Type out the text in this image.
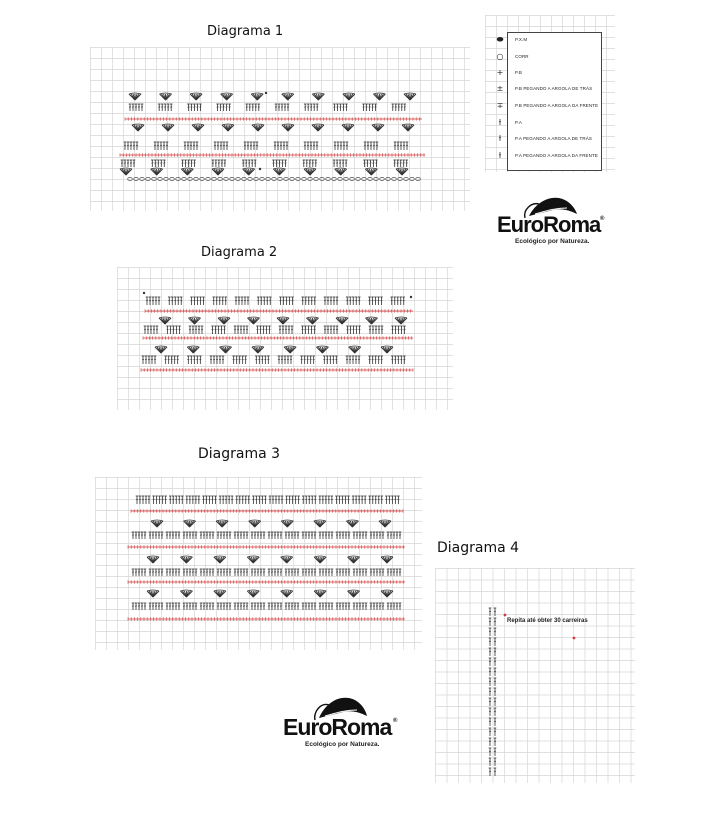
Diagrama 1
Diagrama 2
Diagrama 3
Diagrama 4
Repita até obter 30 carreiras
⬬	P.X.M
○	CORR
+	P.B
±	P.B PEGANDO A ARGOLA DE TRÁS
∓	P.B PEGANDO A ARGOLA DA FRENTE
ƚ	P.A
ƚ	P.A PEGANDO A ARGOLA DE TRÁS
ƚ	P.A PEGANDO A ARGOLA DA FRENTE
EuroRoma ®
Ecológico por Natureza.
EuroRoma ®
Ecológico por Natureza.
